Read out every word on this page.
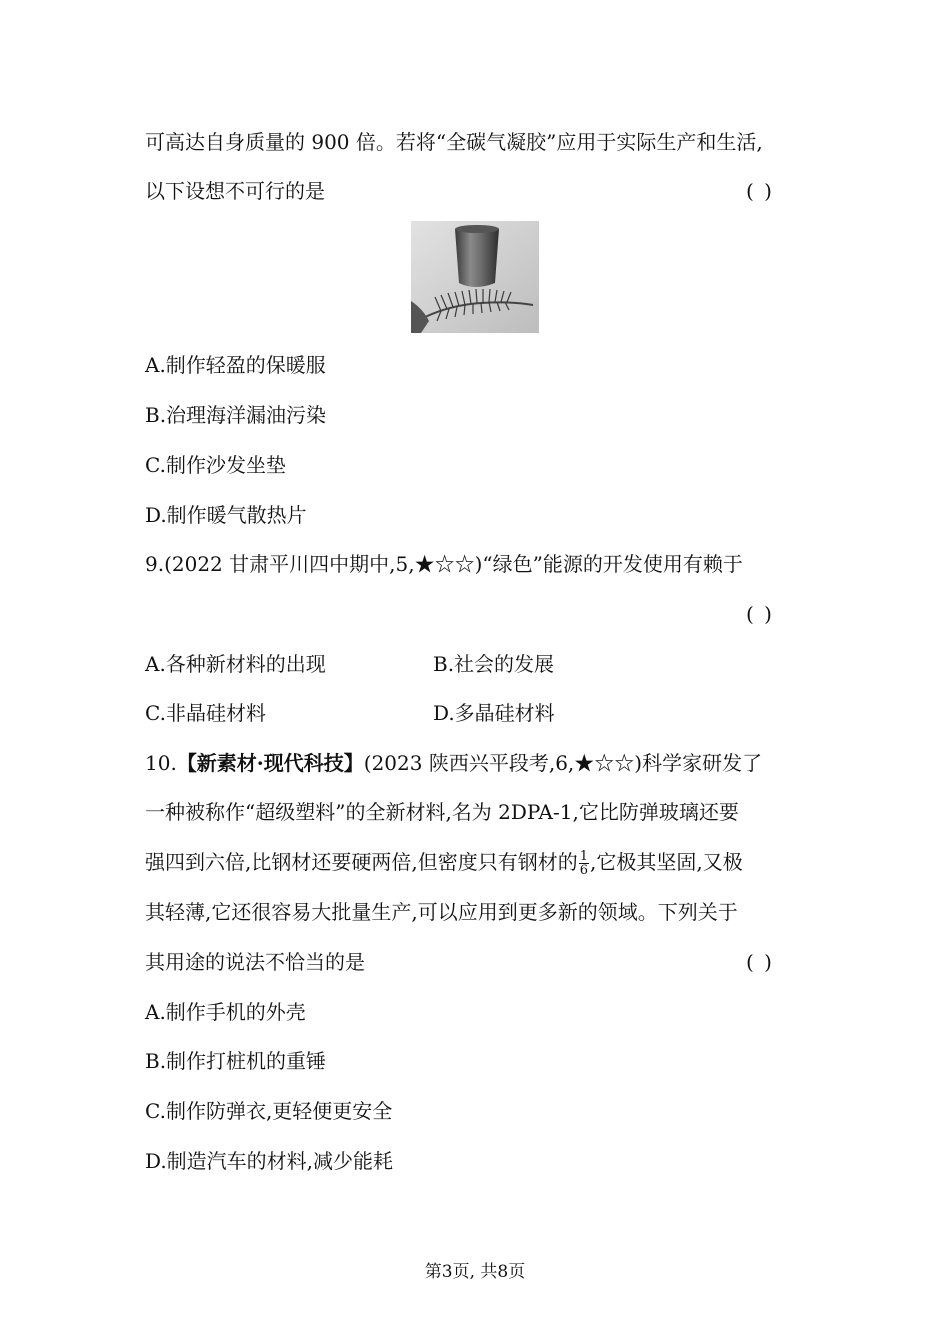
可高达自身质量的 900 倍。若将“全碳气凝胶”应用于实际生产和生活,
以下设想不可行的是	( )
A.制作轻盈的保暖服
B.治理海洋漏油污染
C.制作沙发坐垫
D.制作暖气散热片
9.(2022 甘肃平川四中期中,5,★☆☆)“绿色”能源的开发使用有赖于
( )
A.各种新材料的出现	B.社会的发展
C.非晶硅材料	D.多晶硅材料
10.【新素材·现代科技】(2023 陕西兴平段考,6,★☆☆)科学家研发了
一种被称作“超级塑料”的全新材料,名为 2DPA-1,它比防弹玻璃还要
强四到六倍,比钢材还要硬两倍,但密度只有钢材的 $\frac{1}{6}$ ,它极其坚固,又极
其轻薄,它还很容易大批量生产,可以应用到更多新的领域。下列关于
其用途的说法不恰当的是	( )
A.制作手机的外壳
B.制作打桩机的重锤
C.制作防弹衣,更轻便更安全
D.制造汽车的材料,减少能耗
第3页, 共8页
